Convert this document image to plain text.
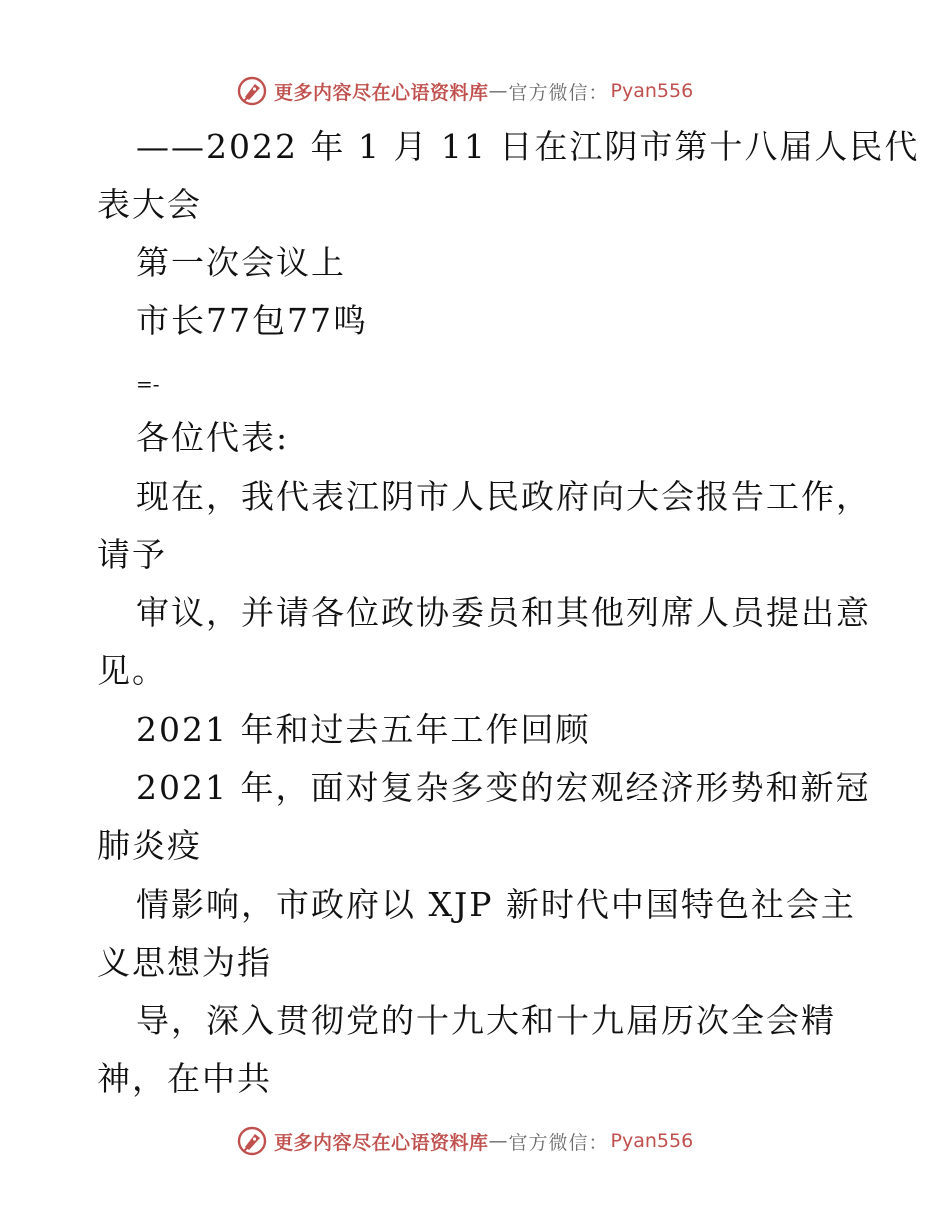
更多内容尽在心语资料库 — 官方微信： Pyan556
——2022 年 1 月 11 日在江阴市第十八届人民代
表大会
第一次会议上
市长77包77鸣
=-
各位代表:
现在，我代表江阴市人民政府向大会报告工作，
请予
审议，并请各位政协委员和其他列席人员提出意
见。
2021 年和过去五年工作回顾
2021 年，面对复杂多变的宏观经济形势和新冠
肺炎疫
情影响，市政府以 XJP 新时代中国特色社会主
义思想为指
导，深入贯彻党的十九大和十九届历次全会精
神，在中共
更多内容尽在心语资料库 — 官方微信： Pyan556
